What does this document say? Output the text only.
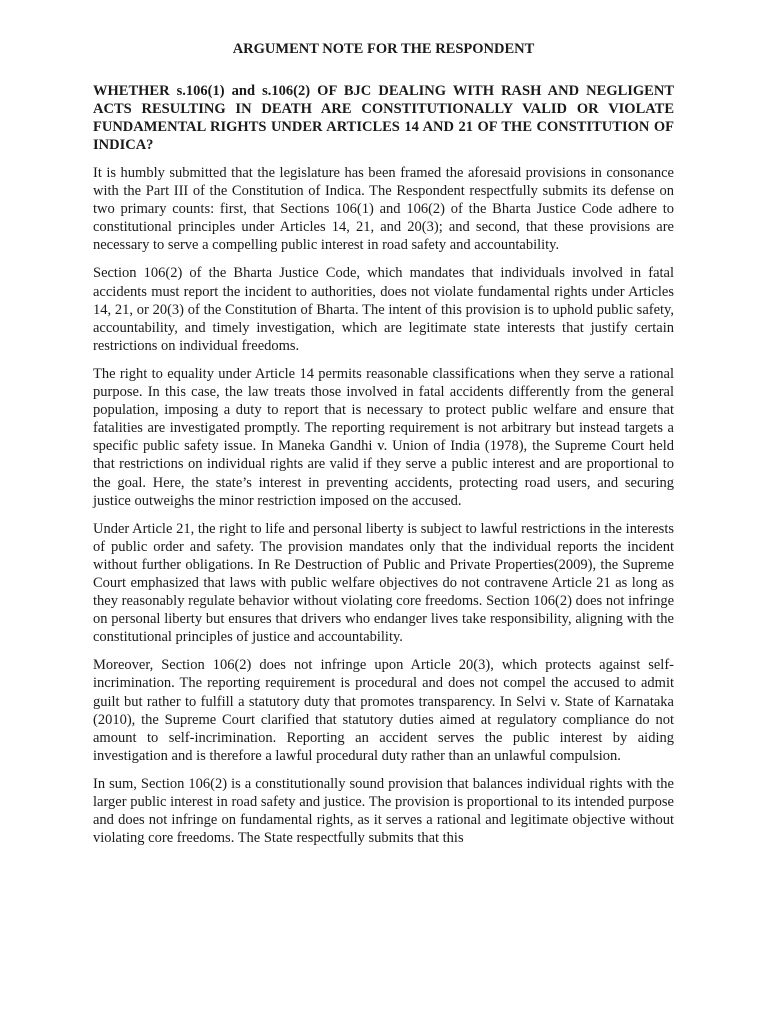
ARGUMENT NOTE FOR THE RESPONDENT
WHETHER s.106(1) and s.106(2) OF BJC DEALING WITH RASH AND NEGLIGENT ACTS RESULTING IN DEATH ARE CONSTITUTIONALLY VALID OR VIOLATE FUNDAMENTAL RIGHTS UNDER ARTICLES 14 AND 21 OF THE CONSTITUTION OF INDICA?

It is humbly submitted that the legislature has been framed the aforesaid provisions in consonance with the Part III of the Constitution of Indica. The Respondent respectfully submits its defense on two primary counts: first, that Sections 106(1) and 106(2) of the Bharta Justice Code adhere to constitutional principles under Articles 14, 21, and 20(3); and second, that these provisions are necessary to serve a compelling public interest in road safety and accountability.

Section 106(2) of the Bharta Justice Code, which mandates that individuals involved in fatal accidents must report the incident to authorities, does not violate fundamental rights under Articles 14, 21, or 20(3) of the Constitution of Bharta. The intent of this provision is to uphold public safety, accountability, and timely investigation, which are legitimate state interests that justify certain restrictions on individual freedoms.

The right to equality under Article 14 permits reasonable classifications when they serve a rational purpose. In this case, the law treats those involved in fatal accidents differently from the general population, imposing a duty to report that is necessary to protect public welfare and ensure that fatalities are investigated promptly. The reporting requirement is not arbitrary but instead targets a specific public safety issue. In Maneka Gandhi v. Union of India (1978), the Supreme Court held that restrictions on individual rights are valid if they serve a public interest and are proportional to the goal. Here, the state’s interest in preventing accidents, protecting road users, and securing justice outweighs the minor restriction imposed on the accused.

Under Article 21, the right to life and personal liberty is subject to lawful restrictions in the interests of public order and safety. The provision mandates only that the individual reports the incident without further obligations. In Re Destruction of Public and Private Properties(2009), the Supreme Court emphasized that laws with public welfare objectives do not contravene Article 21 as long as they reasonably regulate behavior without violating core freedoms. Section 106(2) does not infringe on personal liberty but ensures that drivers who endanger lives take responsibility, aligning with the constitutional principles of justice and accountability.

Moreover, Section 106(2) does not infringe upon Article 20(3), which protects against self-incrimination. The reporting requirement is procedural and does not compel the accused to admit guilt but rather to fulfill a statutory duty that promotes transparency. In Selvi v. State of Karnataka (2010), the Supreme Court clarified that statutory duties aimed at regulatory compliance do not amount to self-incrimination. Reporting an accident serves the public interest by aiding investigation and is therefore a lawful procedural duty rather than an unlawful compulsion.

In sum, Section 106(2) is a constitutionally sound provision that balances individual rights with the larger public interest in road safety and justice. The provision is proportional to its intended purpose and does not infringe on fundamental rights, as it serves a rational and legitimate objective without violating core freedoms. The State respectfully submits that this
